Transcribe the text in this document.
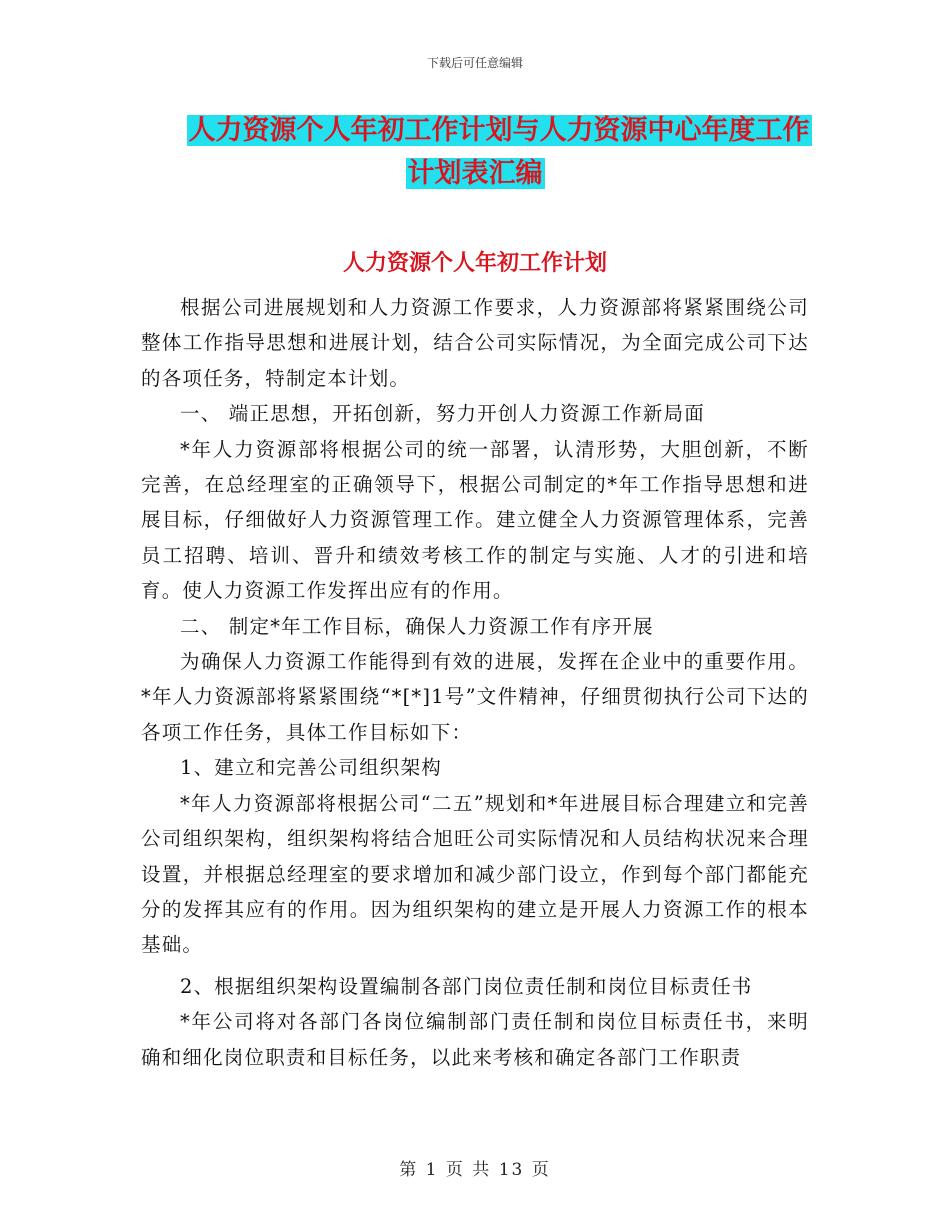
下载后可任意编辑
人力资源个人年初工作计划与人力资源中心年度工作
计划表汇编
人力资源个人年初工作计划

根据公司进展规划和人力资源工作要求，人力资源部将紧紧围绕公司整体工作指导思想和进展计划，结合公司实际情况，为全面完成公司下达的各项任务，特制定本计划。

一、 端正思想，开拓创新，努力开创人力资源工作新局面

*年人力资源部将根据公司的统一部署，认清形势，大胆创新，不断完善，在总经理室的正确领导下，根据公司制定的*年工作指导思想和进展目标，仔细做好人力资源管理工作。建立健全人力资源管理体系，完善员工招聘、培训、晋升和绩效考核工作的制定与实施、人才的引进和培育。使人力资源工作发挥出应有的作用。

二、 制定*年工作目标，确保人力资源工作有序开展

为确保人力资源工作能得到有效的进展，发挥在企业中的重要作用。*年人力资源部将紧紧围绕“*[*]1号”文件精神，仔细贯彻执行公司下达的各项工作任务，具体工作目标如下：

1、建立和完善公司组织架构

*年人力资源部将根据公司“二五”规划和*年进展目标合理建立和完善公司组织架构，组织架构将结合旭旺公司实际情况和人员结构状况来合理设置，并根据总经理室的要求增加和减少部门设立，作到每个部门都能充分的发挥其应有的作用。因为组织架构的建立是开展人力资源工作的根本基础。

2、根据组织架构设置编制各部门岗位责任制和岗位目标责任书

*年公司将对各部门各岗位编制部门责任制和岗位目标责任书，来明确和细化岗位职责和目标任务，以此来考核和确定各部门工作职责

第 1 页 共 13 页
